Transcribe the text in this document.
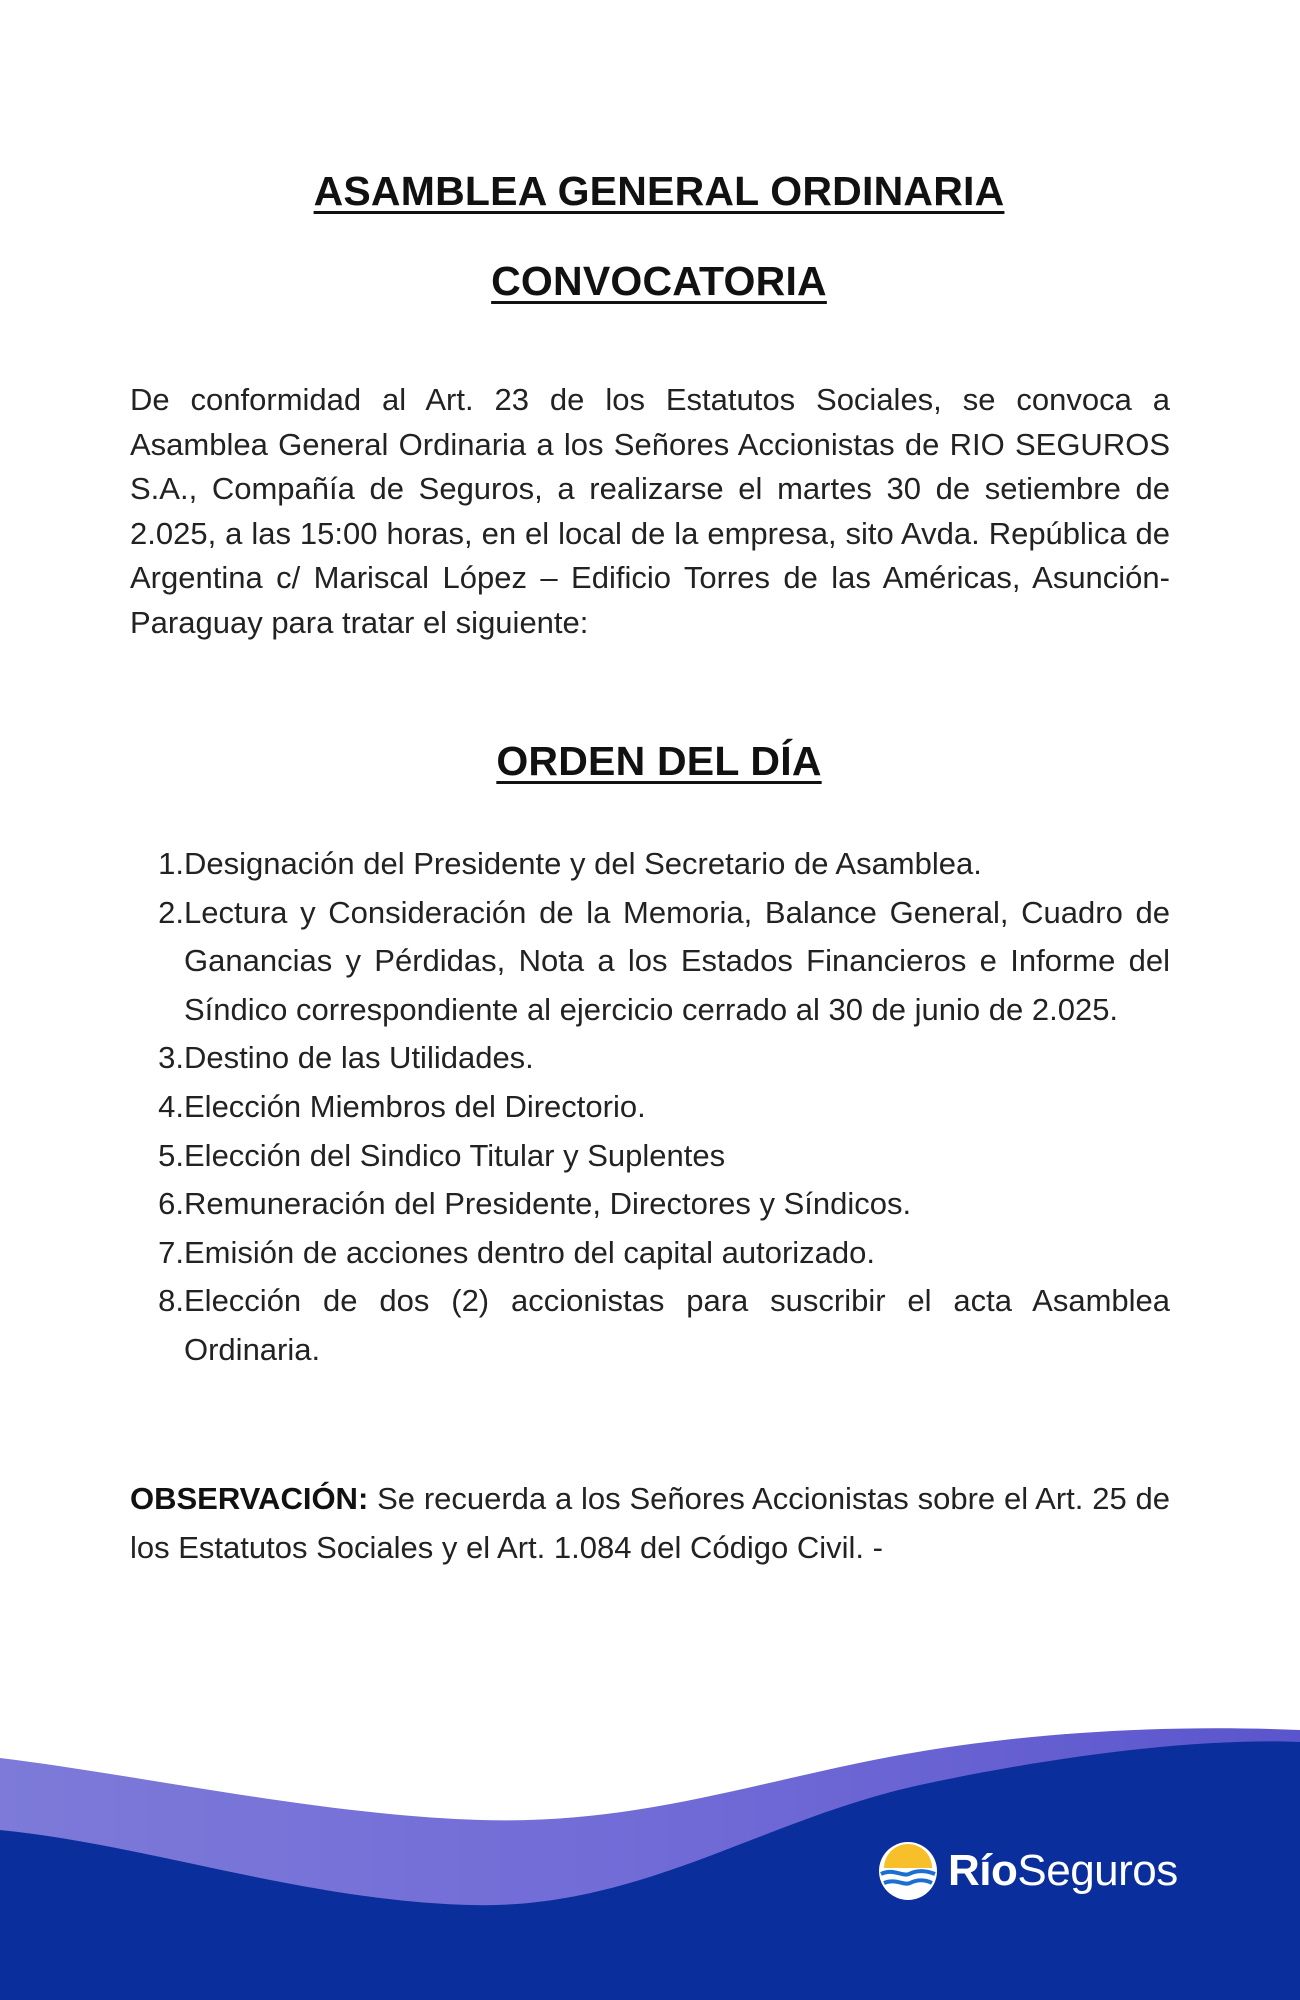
ASAMBLEA GENERAL ORDINARIA
CONVOCATORIA

De conformidad al Art. 23 de los Estatutos Sociales, se convoca a Asamblea General Ordinaria a los Señores Accionistas de RIO SEGUROS S.A., Compañía de Seguros, a realizarse el martes 30 de setiembre de 2.025, a las 15:00 horas, en el local de la empresa, sito Avda. República de Argentina c/ Mariscal López – Edificio Torres de las Américas, Asunción-Paraguay para tratar el siguiente:

ORDEN DEL DÍA
1. Designación del Presidente y del Secretario de Asamblea.
2. Lectura y Consideración de la Memoria, Balance General, Cuadro de Ganancias y Pérdidas, Nota a los Estados Financieros e Informe del Síndico correspondiente al ejercicio cerrado al 30 de junio de 2.025.
3. Destino de las Utilidades.
4. Elección Miembros del Directorio.
5. Elección del Sindico Titular y Suplentes
6. Remuneración del Presidente, Directores y Síndicos.
7. Emisión de acciones dentro del capital autorizado.
8. Elección de dos (2) accionistas para suscribir el acta Asamblea Ordinaria.

OBSERVACIÓN: Se recuerda a los Señores Accionistas sobre el Art. 25 de los Estatutos Sociales y el Art. 1.084 del Código Civil. -

RíoSeguros
